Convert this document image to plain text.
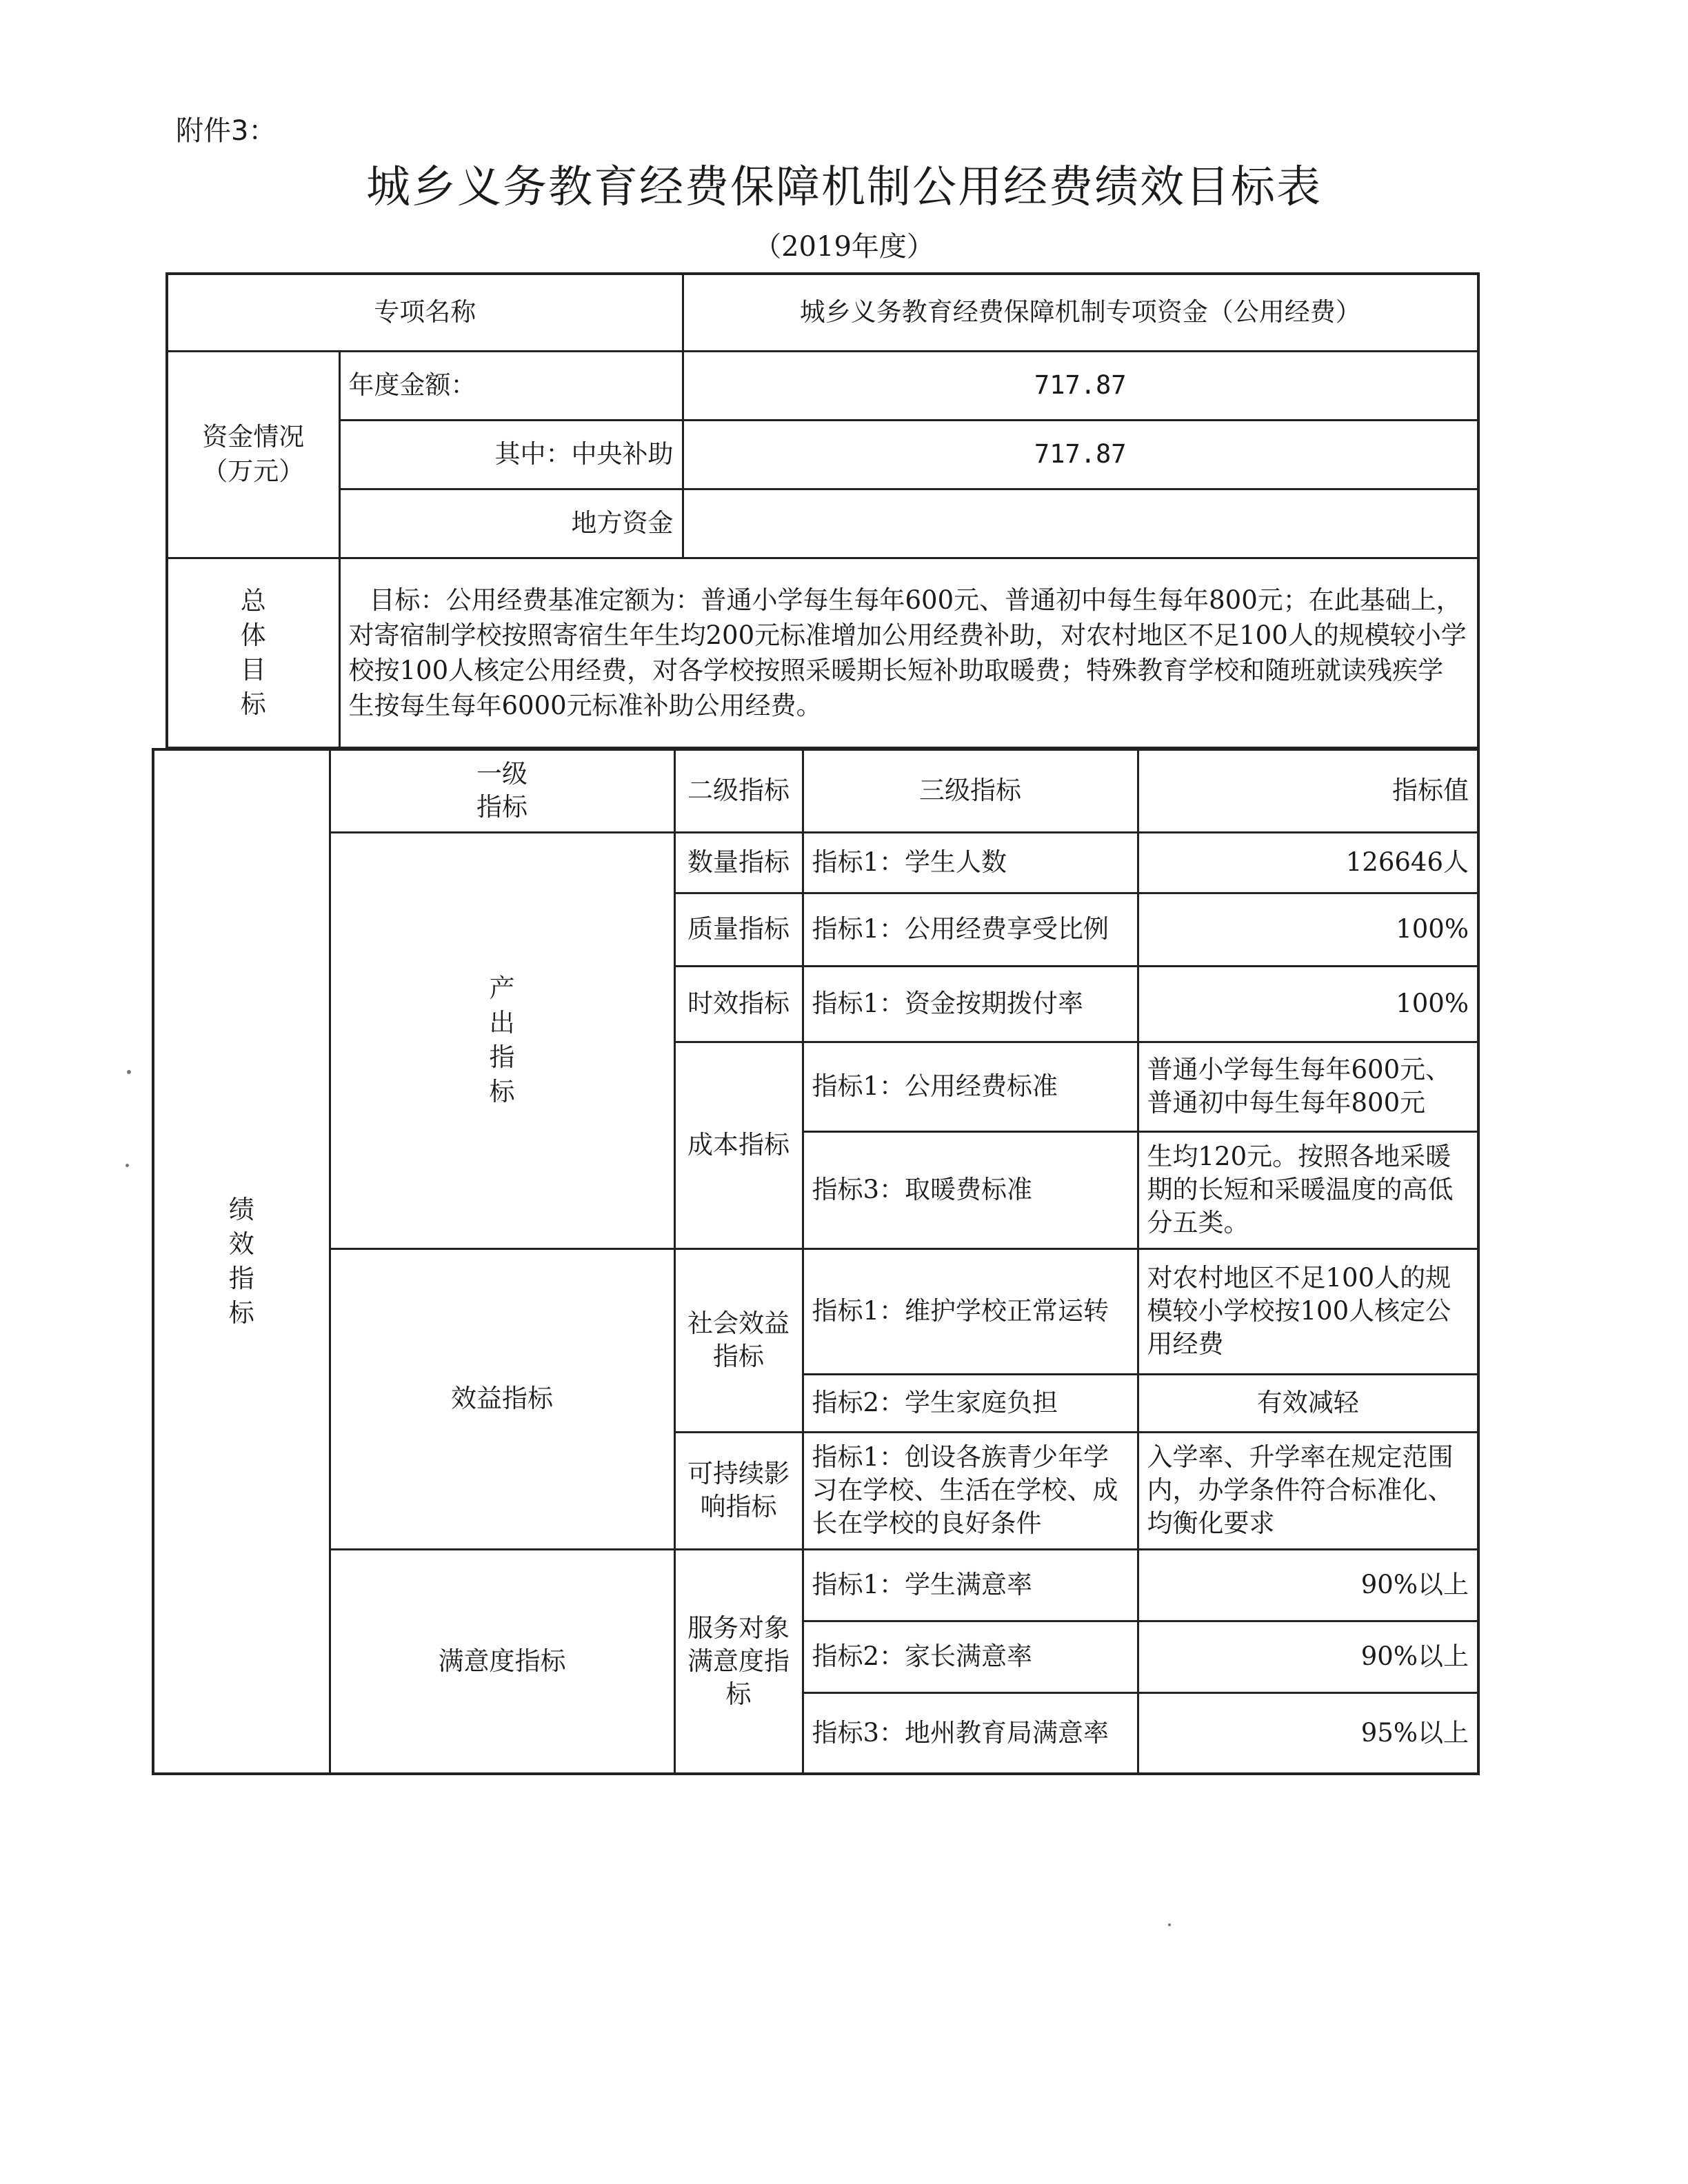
附件3：
城乡义务教育经费保障机制公用经费绩效目标表
（2019年度）
专项名称		城乡义务教育经费保障机制专项资金（公用经费）
资金情况（万元）	年度金额：	717.87
	其中：中央补助	717.87
	地方资金	
总体目标	目标：公用经费基准定额为：普通小学每生每年600元、普通初中每生每年800元；在此基础上，对寄宿制学校按照寄宿生年生均200元标准增加公用经费补助，对农村地区不足100人的规模较小学校按100人核定公用经费，对各学校按照采暖期长短补助取暖费；特殊教育学校和随班就读残疾学生按每生每年6000元标准补助公用经费。	
绩效指标	一级指标	二级指标	三级指标	指标值
	产出指标	数量指标	指标1：学生人数	126646人
		质量指标	指标1：公用经费享受比例	100%
		时效指标	指标1：资金按期拨付率	100%
		成本指标	指标1：公用经费标准	普通小学每生每年600元、普通初中每生每年800元
			指标3：取暖费标准	生均120元。按照各地采暖期的长短和采暖温度的高低分五类。
	效益指标	社会效益指标	指标1：维护学校正常运转	对农村地区不足100人的规模较小学校按100人核定公用经费
			指标2：学生家庭负担	有效减轻
		可持续影响指标	指标1：创设各族青少年学习在学校、生活在学校、成长在学校的良好条件	入学率、升学率在规定范围内，办学条件符合标准化、均衡化要求
	满意度指标	服务对象满意度指标	指标1：学生满意率	90%以上
			指标2：家长满意率	90%以上
			指标3：地州教育局满意率	95%以上
